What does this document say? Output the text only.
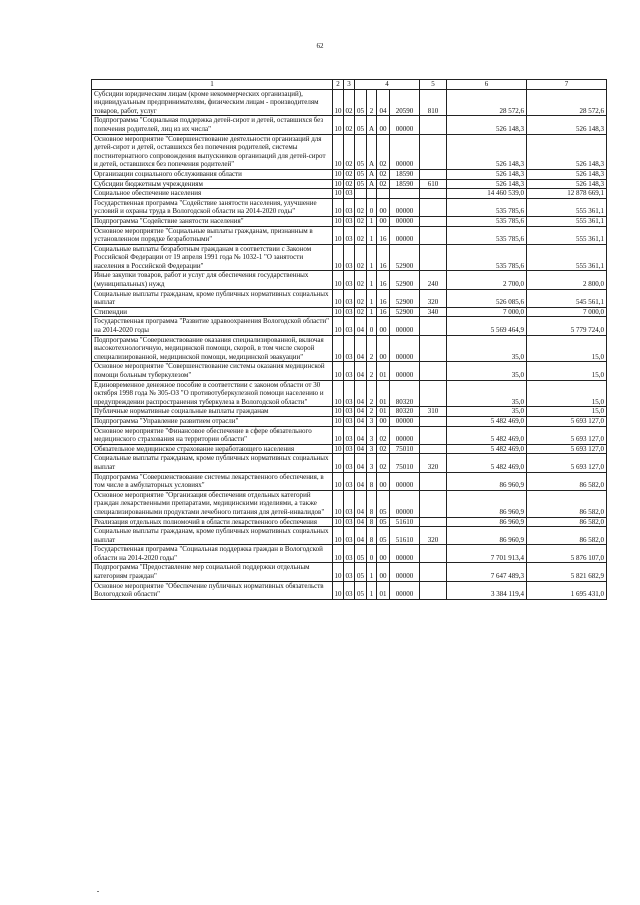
62
1	2	3	4				5	6	7
Субсидии юридическим лицам (кроме некоммерческих организаций), индивидуальным предпринимателям, физическим лицам - производителям товаров, работ, услуг	10	02	05	2	04	20590	810	28 572,6	28 572,6
Подпрограмма "Социальная поддержка детей-сирот и детей, оставшихся без попечения родителей, лиц из их числа"	10	02	05	А	00	00000		526 148,3	526 148,3
Основное мероприятие "Совершенствование деятельности организаций для детей-сирот и детей, оставшихся без попечения родителей, системы постинтернатного сопровождения выпускников организаций для детей-сирот и детей, оставшихся без попечения родителей"	10	02	05	А	02	00000		526 148,3	526 148,3
Организации социального обслуживания области	10	02	05	А	02	18590		526 148,3	526 148,3
Субсидии бюджетным учреждениям	10	02	05	А	02	18590	610	526 148,3	526 148,3
Социальное обеспечение населения	10	03						14 460 539,0	12 878 669,1
Государственная программа "Содействие занятости населения, улучшение условий и охраны труда в Вологодской области на 2014-2020 годы"	10	03	02	0	00	00000		535 785,6	555 361,1
Подпрограмма "Содействие занятости населения"	10	03	02	1	00	00000		535 785,6	555 361,1
Основное мероприятие "Социальные выплаты гражданам, признанным в установленном порядке безработными"	10	03	02	1	16	00000		535 785,6	555 361,1
Социальные выплаты безработным гражданам в соответствии с Законом Российской Федерации от 19 апреля 1991 года № 1032-1 "О занятости населения в Российской Федерации"	10	03	02	1	16	52900		535 785,6	555 361,1
Иные закупки товаров, работ и услуг для обеспечения государственных (муниципальных) нужд	10	03	02	1	16	52900	240	2 700,0	2 800,0
Социальные выплаты гражданам, кроме публичных нормативных социальных выплат	10	03	02	1	16	52900	320	526 085,6	545 561,1
Стипендии	10	03	02	1	16	52900	340	7 000,0	7 000,0
Государственная программа "Развитие здравоохранения Вологодской области" на 2014-2020 годы	10	03	04	0	00	00000		5 569 464,9	5 779 724,0
Подпрограмма "Совершенствование оказания специализированной, включая высокотехнологичную, медицинской помощи, скорой, в том числе скорой специализированной, медицинской помощи, медицинской эвакуации"	10	03	04	2	00	00000		35,0	15,0
Основное мероприятие "Совершенствование системы оказания медицинской помощи больным туберкулезом"	10	03	04	2	01	00000		35,0	15,0
Единовременное денежное пособие в соответствии с законом области от 30 октября 1998 года № 305-ОЗ "О противотуберкулезной помощи населению и предупреждении распространения туберкулеза в Вологодской области"	10	03	04	2	01	80320		35,0	15,0
Публичные нормативные социальные выплаты гражданам	10	03	04	2	01	80320	310	35,0	15,0
Подпрограмма "Управление развитием отрасли"	10	03	04	3	00	00000		5 482 469,0	5 693 127,0
Основное мероприятие "Финансовое обеспечение в сфере обязательного медицинского страхования на территории области"	10	03	04	3	02	00000		5 482 469,0	5 693 127,0
Обязательное медицинское страхование неработающего населения	10	03	04	3	02	75010		5 482 469,0	5 693 127,0
Социальные выплаты гражданам, кроме публичных нормативных социальных выплат	10	03	04	3	02	75010	320	5 482 469,0	5 693 127,0
Подпрограмма "Совершенствование системы лекарственного обеспечения, в том числе в амбулаторных условиях"	10	03	04	8	00	00000		86 960,9	86 582,0
Основное мероприятие "Организация обеспечения отдельных категорий граждан лекарственными препаратами, медицинскими изделиями, а также специализированными продуктами лечебного питания для детей-инвалидов"	10	03	04	8	05	00000		86 960,9	86 582,0
Реализация отдельных полномочий в области лекарственного обеспечения	10	03	04	8	05	51610		86 960,9	86 582,0
Социальные выплаты гражданам, кроме публичных нормативных социальных выплат	10	03	04	8	05	51610	320	86 960,9	86 582,0
Государственная программа "Социальная поддержка граждан в Вологодской области на 2014-2020 годы"	10	03	05	0	00	00000		7 701 913,4	5 876 107,0
Подпрограмма "Предоставление мер социальной поддержки отдельным категориям граждан"	10	03	05	1	00	00000		7 647 489,3	5 821 682,9
Основное мероприятие "Обеспечение публичных нормативных обязательств Вологодской области"	10	03	05	1	01	00000		3 384 119,4	1 695 431,0
